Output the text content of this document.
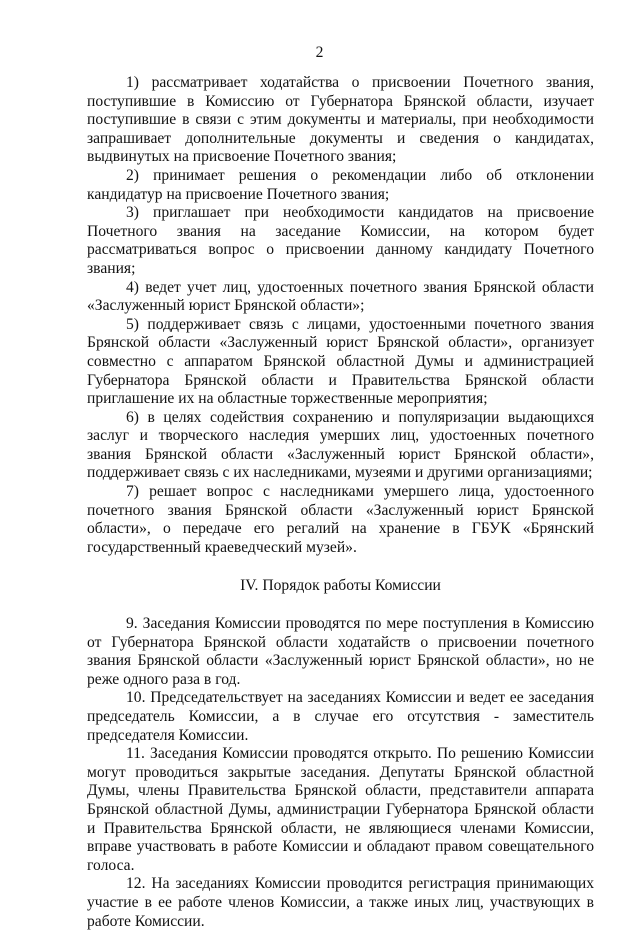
2

1) рассматривает ходатайства о присвоении Почетного звания, поступившие в Комиссию от Губернатора Брянской области, изучает поступившие в связи с этим документы и материалы, при необходимости запрашивает дополнительные документы и сведения о кандидатах, выдвинутых на присвоение Почетного звания;

2) принимает решения о рекомендации либо об отклонении кандидатур на присвоение Почетного звания;

3) приглашает при необходимости кандидатов на присвоение Почетного звания на заседание Комиссии, на котором будет рассматриваться вопрос о присвоении данному кандидату Почетного звания;

4) ведет учет лиц, удостоенных почетного звания Брянской области «Заслуженный юрист Брянской области»;

5) поддерживает связь с лицами, удостоенными почетного звания Брянской области «Заслуженный юрист Брянской области», организует совместно с аппаратом Брянской областной Думы и администрацией Губернатора Брянской области и Правительства Брянской области приглашение их на областные торжественные мероприятия;

6) в целях содействия сохранению и популяризации выдающихся заслуг и творческого наследия умерших лиц, удостоенных почетного звания Брянской области «Заслуженный юрист Брянской области», поддерживает связь с их наследниками, музеями и другими организациями;

7) решает вопрос с наследниками умершего лица, удостоенного почетного звания Брянской области «Заслуженный юрист Брянской области», о передаче его регалий на хранение в ГБУК «Брянский государственный краеведческий музей».

IV. Порядок работы Комиссии

9. Заседания Комиссии проводятся по мере поступления в Комиссию от Губернатора Брянской области ходатайств о присвоении почетного звания Брянской области «Заслуженный юрист Брянской области», но не реже одного раза в год.

10. Председательствует на заседаниях Комиссии и ведет ее заседания председатель Комиссии, а в случае его отсутствия - заместитель председателя Комиссии.

11. Заседания Комиссии проводятся открыто. По решению Комиссии могут проводиться закрытые заседания. Депутаты Брянской областной Думы, члены Правительства Брянской области, представители аппарата Брянской областной Думы, администрации Губернатора Брянской области и Правительства Брянской области, не являющиеся членами Комиссии, вправе участвовать в работе Комиссии и обладают правом совещательного голоса.

12. На заседаниях Комиссии проводится регистрация принимающих участие в ее работе членов Комиссии, а также иных лиц, участвующих в работе Комиссии.
